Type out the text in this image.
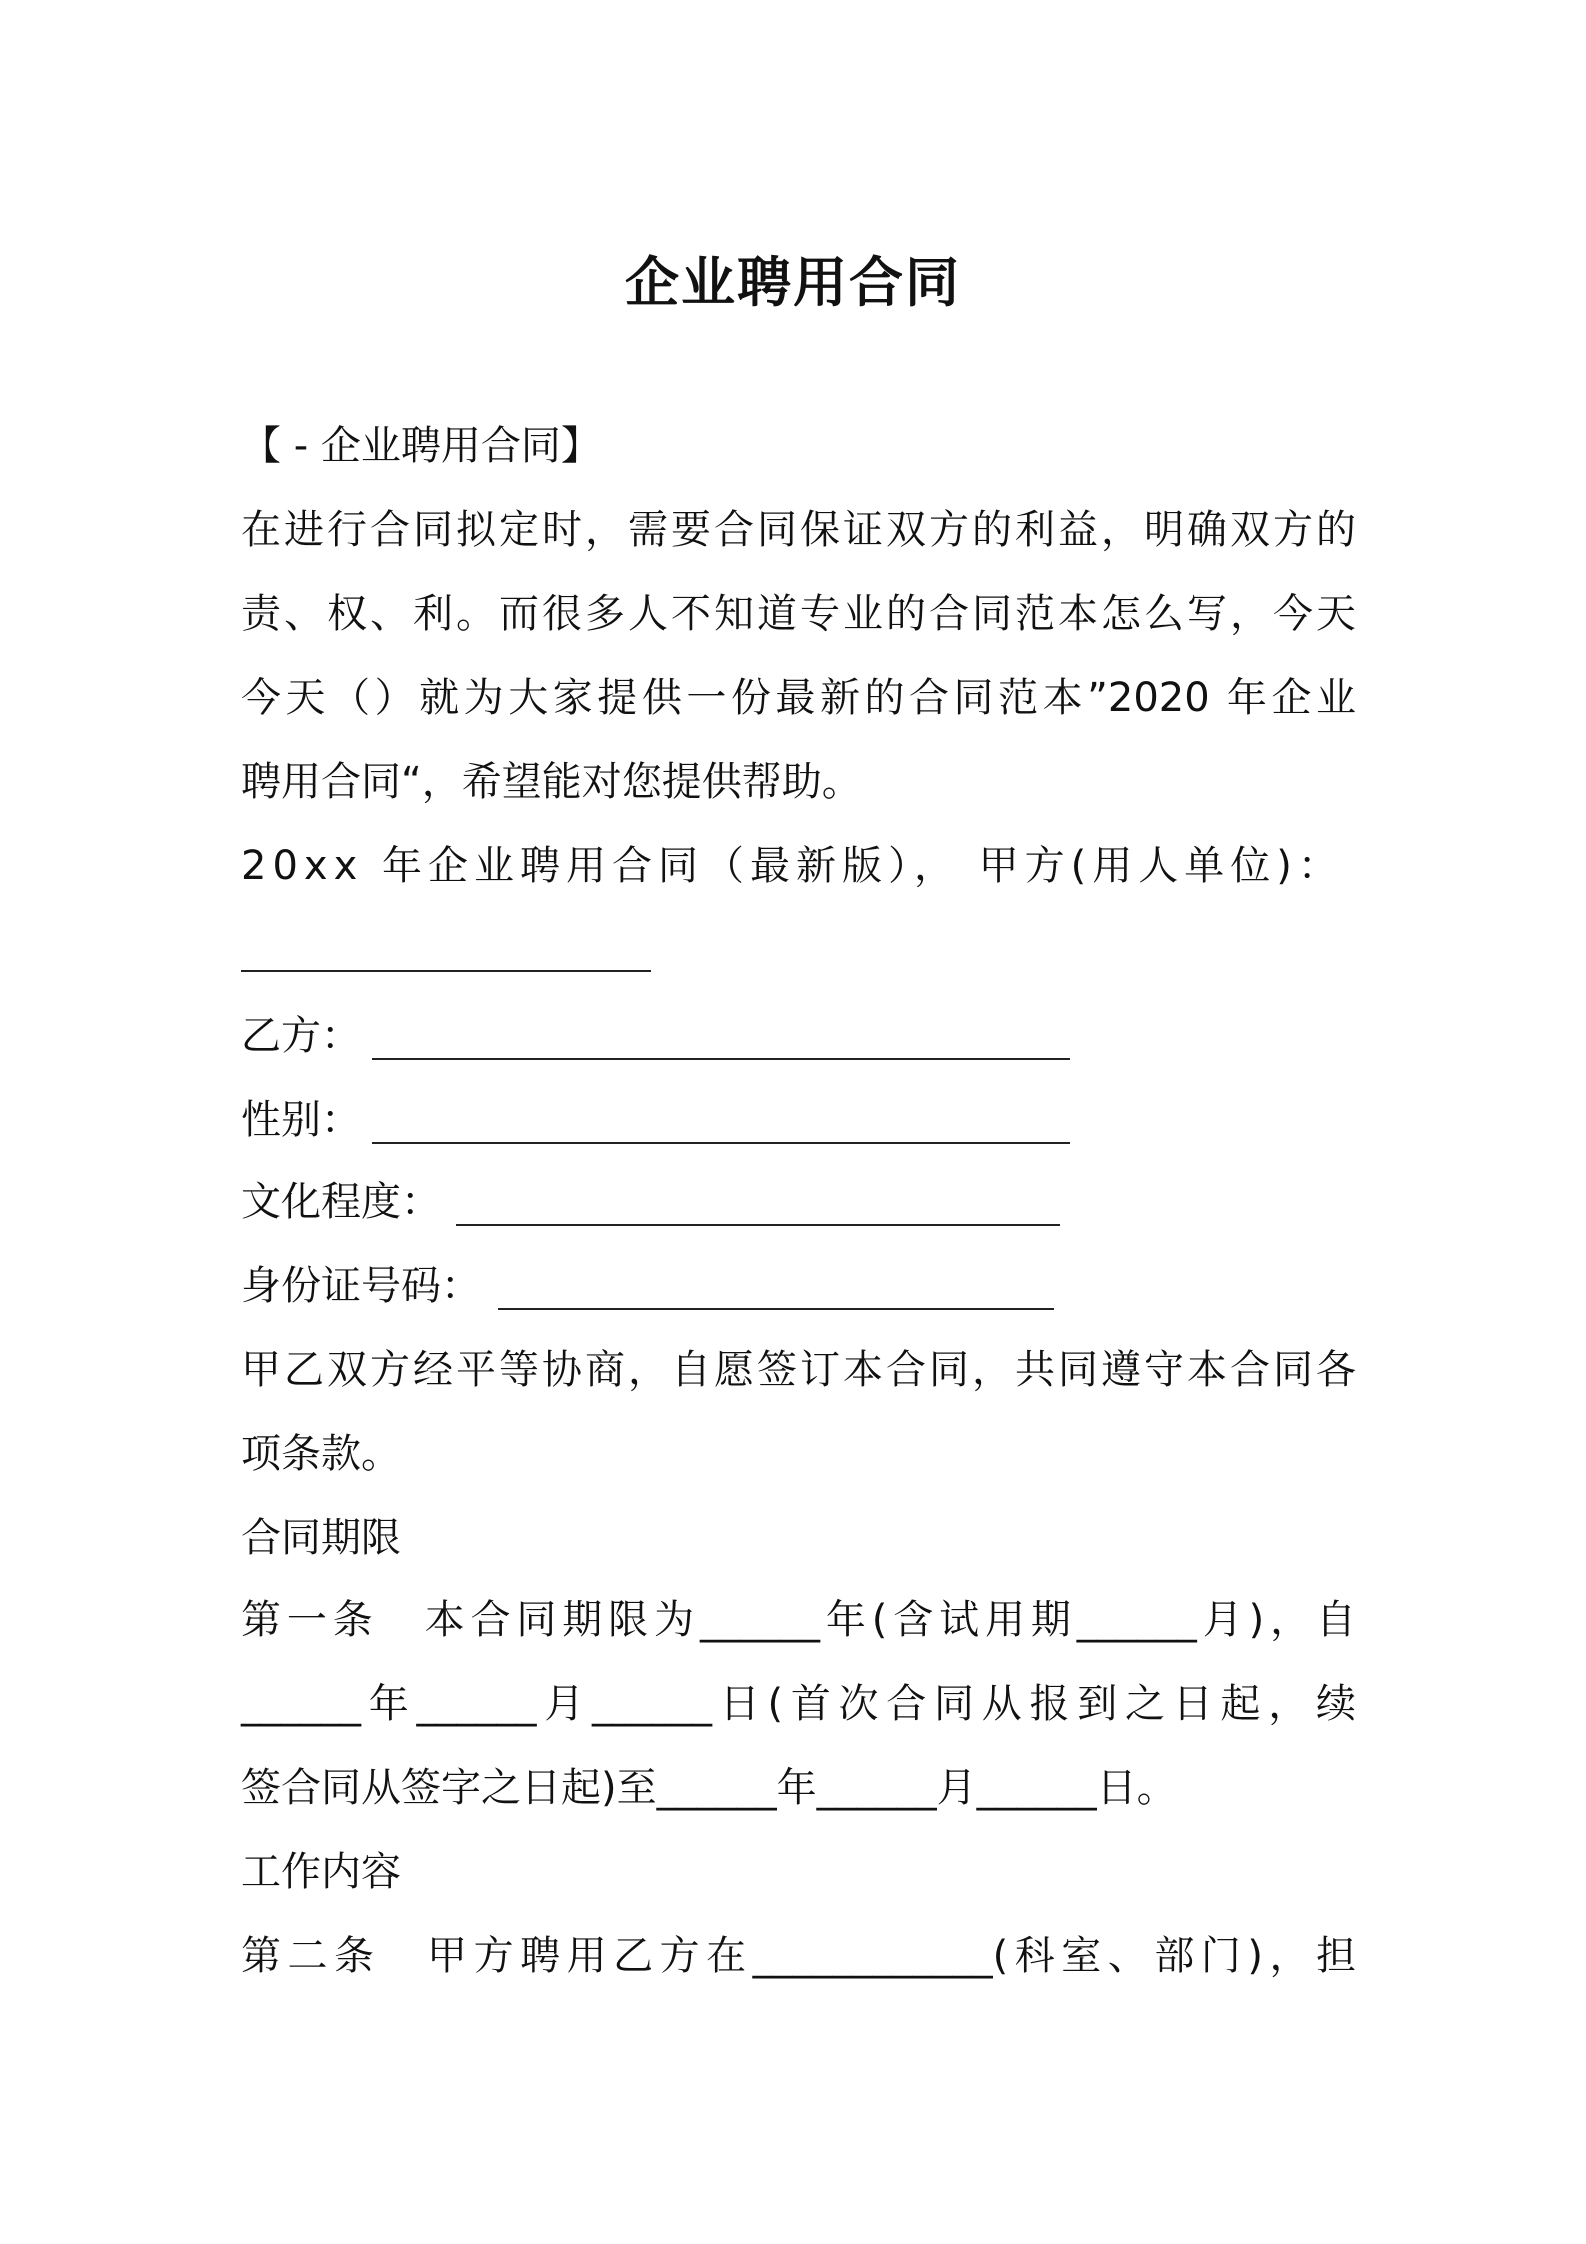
企业聘用合同
【 - 企业聘用合同】
在进行合同拟定时，需要合同保证双方的利益，明确双方的
责、权、利。而很多人不知道专业的合同范本怎么写，今天
今天（）就为大家提供一份最新的合同范本”2020 年企业
聘用合同“，希望能对您提供帮助。
20xx 年企业聘用合同（最新版）， 甲方(用人单位)：
乙方：
性别：
文化程度：
身份证号码：
甲乙双方经平等协商，自愿签订本合同，共同遵守本合同各
项条款。
合同期限
第一条　本合同期限为______年(含试用期______月)，自
______年______月______日(首次合同从报到之日起，续
签合同从签字之日起)至______年______月______日。
工作内容
第二条　甲方聘用乙方在____________(科室、部门)，担
